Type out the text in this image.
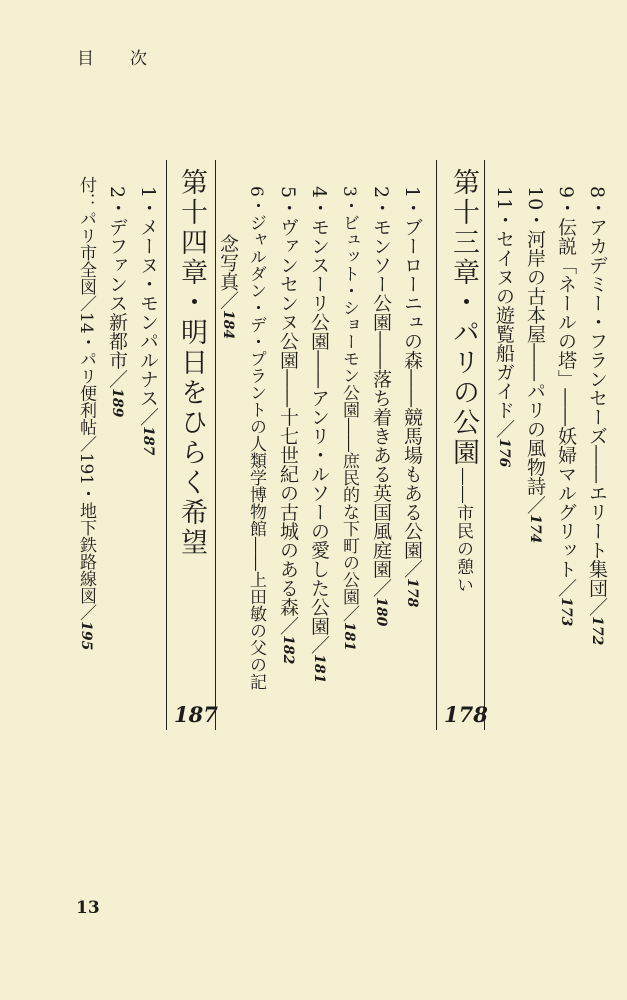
目次
8・アカデミー・フランセーズ――エリート集団／172
9・伝説「ネールの塔」――妖婦マルグリット／173
10・河岸の古本屋――パリの風物詩／174
11・セイヌの遊覧船ガイド／176
第十三章・パリの公園――市民の憩い
178
1・ブーローニュの森――競馬場もある公園／178
2・モンソー公園――落ち着きある英国風庭園／180
3・ビュット・ショーモン公園――庶民的な下町の公園／181
4・モンスーリ公園――アンリ・ルソーの愛した公園／181
5・ヴァンセンヌ公園――十七世紀の古城のある森／182
6・ジャルダン・デ・プラントの人類学博物館――上田敏の父の記
念写真／184
第十四章・明日をひらく希望
187
1・メーヌ・モンパルナス／187
2・デファンス新都市／189
付：パリ市全図／14・パリ便利帖／191・地下鉄路線図／195
13
